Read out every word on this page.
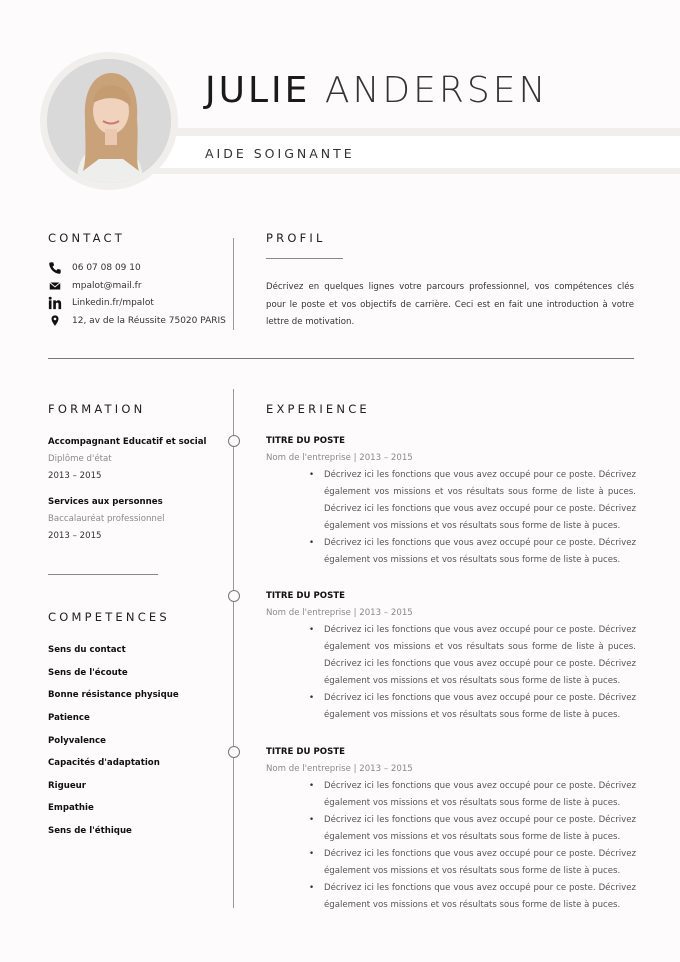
JULIE ANDERSEN
AIDE SOIGNANTE
CONTACT
06 07 08 09 10
mpalot@mail.fr
Linkedin.fr/mpalot
12, av de la Réussite 75020 PARIS
PROFIL
Décrivez en quelques lignes votre parcours professionnel, vos compétences clés pour le poste et vos objectifs de carrière. Ceci est en fait une introduction à votre lettre de motivation.
FORMATION
Accompagnant Educatif et social
Diplôme d'état
2013 – 2015
Services aux personnes
Baccalauréat professionnel
2013 – 2015
COMPETENCES
Sens du contact
Sens de l'écoute
Bonne résistance physique
Patience
Polyvalence
Capacités d'adaptation
Rigueur
Empathie
Sens de l'éthique
EXPERIENCE
TITRE DU POSTE
Nom de l'entreprise | 2013 – 2015
• Décrivez ici les fonctions que vous avez occupé pour ce poste. Décrivez également vos missions et vos résultats sous forme de liste à puces. Décrivez ici les fonctions que vous avez occupé pour ce poste. Décrivez également vos missions et vos résultats sous forme de liste à puces.
• Décrivez ici les fonctions que vous avez occupé pour ce poste. Décrivez également vos missions et vos résultats sous forme de liste à puces.
TITRE DU POSTE
Nom de l'entreprise | 2013 – 2015
• Décrivez ici les fonctions que vous avez occupé pour ce poste. Décrivez également vos missions et vos résultats sous forme de liste à puces. Décrivez ici les fonctions que vous avez occupé pour ce poste. Décrivez également vos missions et vos résultats sous forme de liste à puces.
• Décrivez ici les fonctions que vous avez occupé pour ce poste. Décrivez également vos missions et vos résultats sous forme de liste à puces.
TITRE DU POSTE
Nom de l'entreprise | 2013 – 2015
• Décrivez ici les fonctions que vous avez occupé pour ce poste. Décrivez également vos missions et vos résultats sous forme de liste à puces.
• Décrivez ici les fonctions que vous avez occupé pour ce poste. Décrivez également vos missions et vos résultats sous forme de liste à puces.
• Décrivez ici les fonctions que vous avez occupé pour ce poste. Décrivez également vos missions et vos résultats sous forme de liste à puces.
• Décrivez ici les fonctions que vous avez occupé pour ce poste. Décrivez également vos missions et vos résultats sous forme de liste à puces.
